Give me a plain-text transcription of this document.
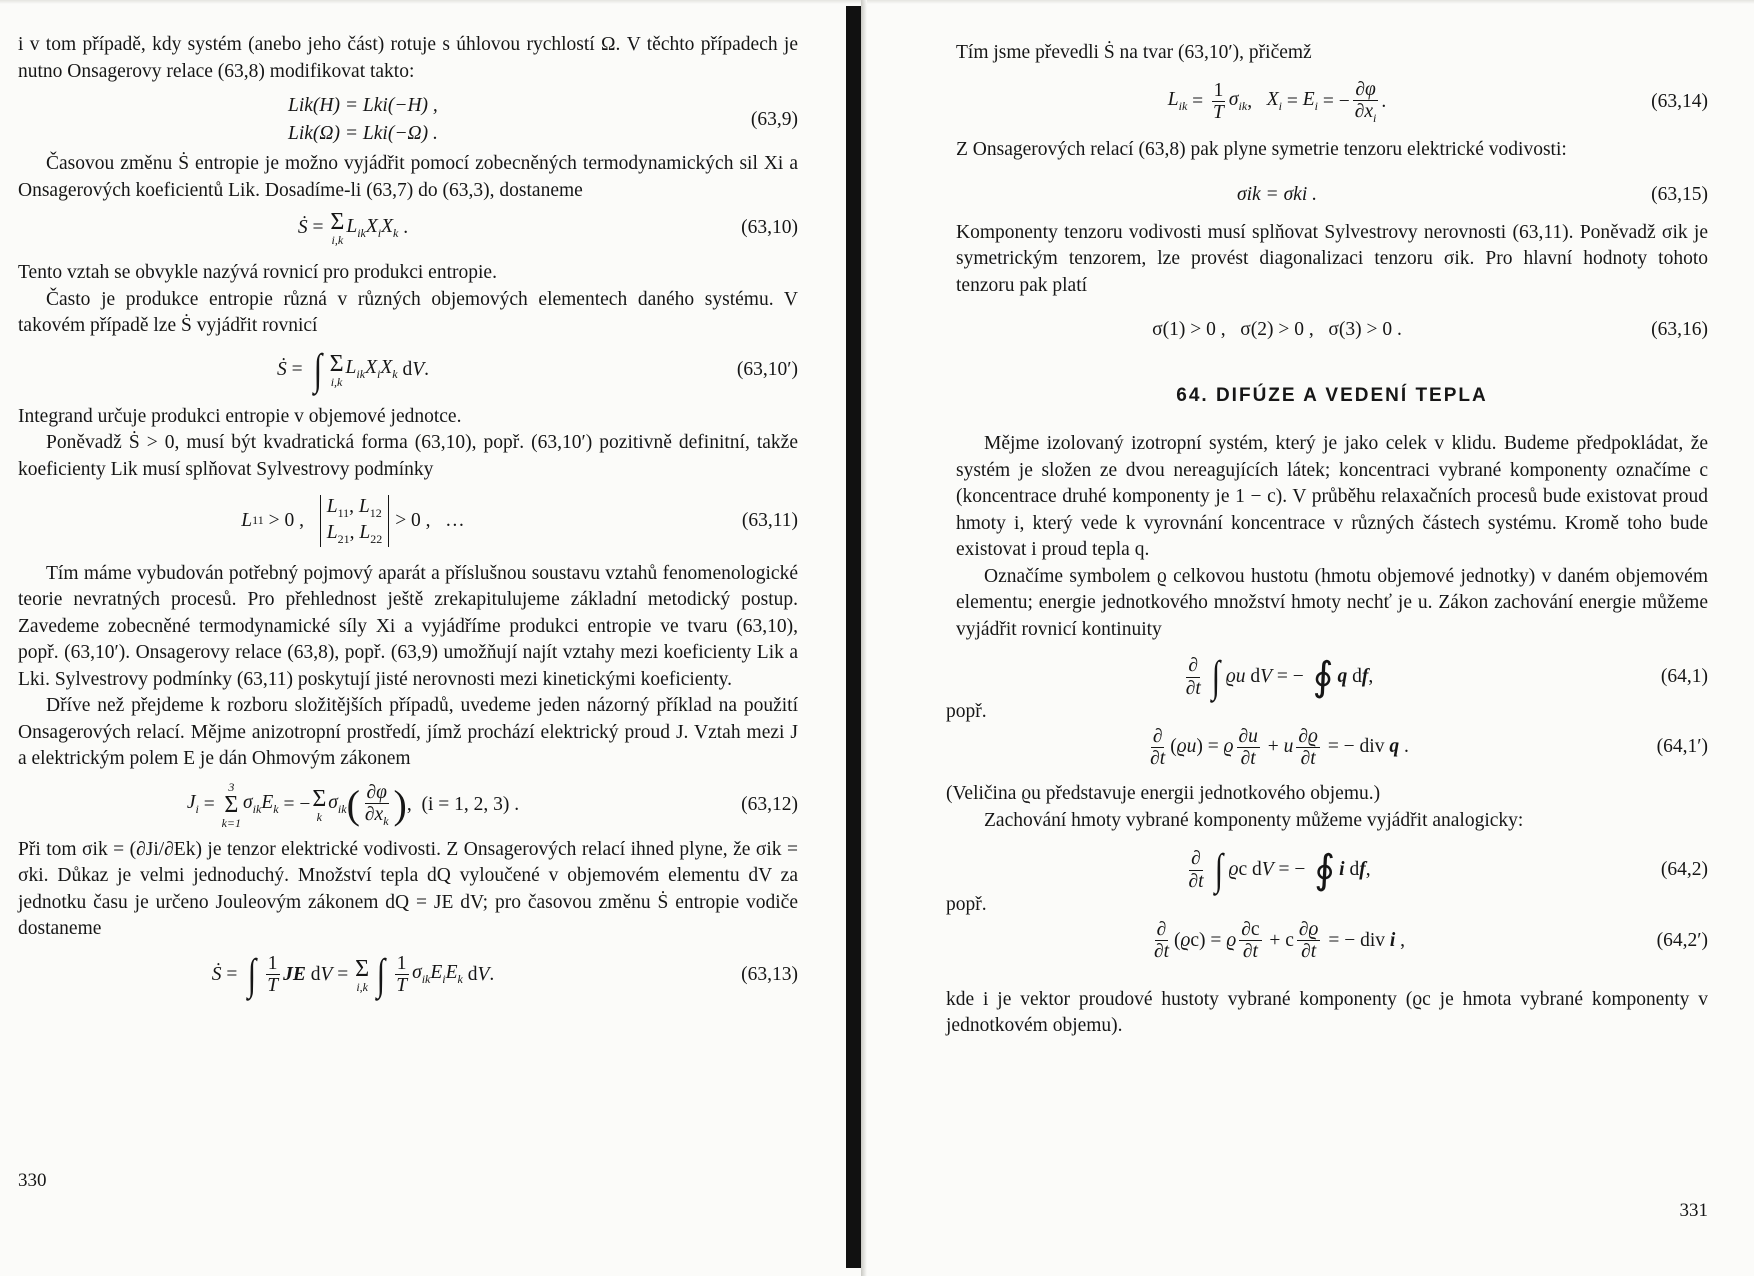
i v tom případě, kdy systém (anebo jeho část) rotuje s úhlovou rychlostí Ω. V těchto případech je nutno Onsagerovy relace (63,8) modifikovat takto:

Lik(H) = Lki(−H) ,
Lik(Ω) = Lki(−Ω) .
(63,9)

Časovou změnu Ṡ entropie je možno vyjádřit pomocí zobecněných termodynamických sil Xi a Onsagerových koeficientů Lik. Dosadíme-li (63,7) do (63,3), dostaneme

Ṡ = Σ
i,k
$L_{ik}X_iX_k$ .	(63,10)

Tento vztah se obvykle nazývá rovnicí pro produkci entropie.

Často je produkce entropie různá v různých objemových elementech daného systému. V takovém případě lze Ṡ vyjádřit rovnicí

Ṡ = ∫ Σ
i,k
$L_{ik}X_iX_k$ d V .	(63,10′)

Integrand určuje produkci entropie v objemové jednotce.

Poněvadž Ṡ > 0, musí být kvadratická forma (63,10), popř. (63,10′) pozitivně definitní, takže koeficienty Lik musí splňovat Sylvestrovy podmínky

L 11 > 0 ,
$L_{11}$, $L_{12}$
$L_{21}$, $L_{22}$
> 0 ,   …	(63,11)

Tím máme vybudován potřebný pojmový aparát a příslušnou soustavu vztahů fenomenologické teorie nevratných procesů. Pro přehlednost ještě zrekapitulujeme základní metodický postup. Zavedeme zobecněné termodynamické síly Xi a vyjádříme produkci entropie ve tvaru (63,10), popř. (63,10′). Onsagerovy relace (63,8), popř. (63,9) umožňují najít vztahy mezi koeficienty Lik a Lki. Sylvestrovy podmínky (63,11) poskytují jisté nerovnosti mezi kinetickými koeficienty.

Dříve než přejdeme k rozboru složitějších případů, uvedeme jeden názorný příklad na použití Onsagerových relací. Mějme anizotropní prostředí, jímž prochází elektrický proud J. Vztah mezi J a elektrickým polem E je dán Ohmovým zákonem

$J_i$ =
3
Σ
k=1
$\sigma_{ik}E_k$ = − Σ
k
$\sigma_{ik}$ ( $\frac{\partial\varphi}{\partial x_k}$ ) , (i = 1, 2, 3) .	(63,12)

Při tom σik = (∂Ji/∂Ek) je tenzor elektrické vodivosti. Z Onsagerových relací ihned plyne, že σik = σki. Důkaz je velmi jednoduchý. Množství tepla dQ vyloučené v objemovém elementu dV za jednotku času je určeno Jouleovým zákonem dQ = JE dV; pro časovou změnu Ṡ entropie vodiče dostaneme

Ṡ = ∫ $\frac{1}{T}$ JE d V = Σ
i,k ∫ $\frac{1}{T} \sigma_{ik}E_iE_k$ d V .	(63,13)
330

Tím jsme převedli Ṡ na tvar (63,10′), přičemž

$L_{ik} = \frac{1}{T} \sigma_{ik}$ , $X_i = E_i$ = − $\frac{\partial\varphi}{\partial x_i}$ .	(63,14)

Z Onsagerových relací (63,8) pak plyne symetrie tenzoru elektrické vodivosti:

σik = σki .	(63,15)

Komponenty tenzoru vodivosti musí splňovat Sylvestrovy nerovnosti (63,11). Poněvadž σik je symetrickým tenzorem, lze provést diagonalizaci tenzoru σik. Pro hlavní hodnoty tohoto tenzoru pak platí

σ(1) > 0 ,   σ(2) > 0 ,   σ(3) > 0 .	(63,16)
64. DIFÚZE A VEDENÍ TEPLA

Mějme izolovaný izotropní systém, který je jako celek v klidu. Budeme předpokládat, že systém je složen ze dvou nereagujících látek; koncentraci vybrané komponenty označíme c (koncentrace druhé komponenty je 1 − c). V průběhu relaxačních procesů bude existovat proud hmoty i, který vede k vyrovnání koncentrace v různých částech systému. Kromě toho bude existovat i proud tepla q.

Označíme symbolem ϱ celkovou hustotu (hmotu objemové jednotky) v daném objemovém elementu; energie jednotkového množství hmoty nechť je u. Zákon zachování energie můžeme vyjádřit rovnicí kontinuity

$\frac{\partial}{\partial t}$ ∫ ϱu d V = − ∮ q d f ,	(64,1)

popř.

$\frac{\partial}{\partial t}$ ( ϱu ) = ϱ $\frac{\partial u}{\partial t} + u \frac{\partial ϱ}{\partial t}$ = − div q .	(64,1′)

(Veličina ϱu představuje energii jednotkového objemu.)

Zachování hmoty vybrané komponenty můžeme vyjádřit analogicky:

$\frac{\partial}{\partial t}$ ∫ ϱ c d V = − ∮ i d f ,	(64,2)

popř.

$\frac{\partial}{\partial t}$ ( ϱ c) = ϱ $\frac{\partial c}{\partial t} + c \frac{\partial ϱ}{\partial t}$ = − div i ,	(64,2′)

kde i je vektor proudové hustoty vybrané komponenty (ϱc je hmota vybrané komponenty v jednotkovém objemu).

331
